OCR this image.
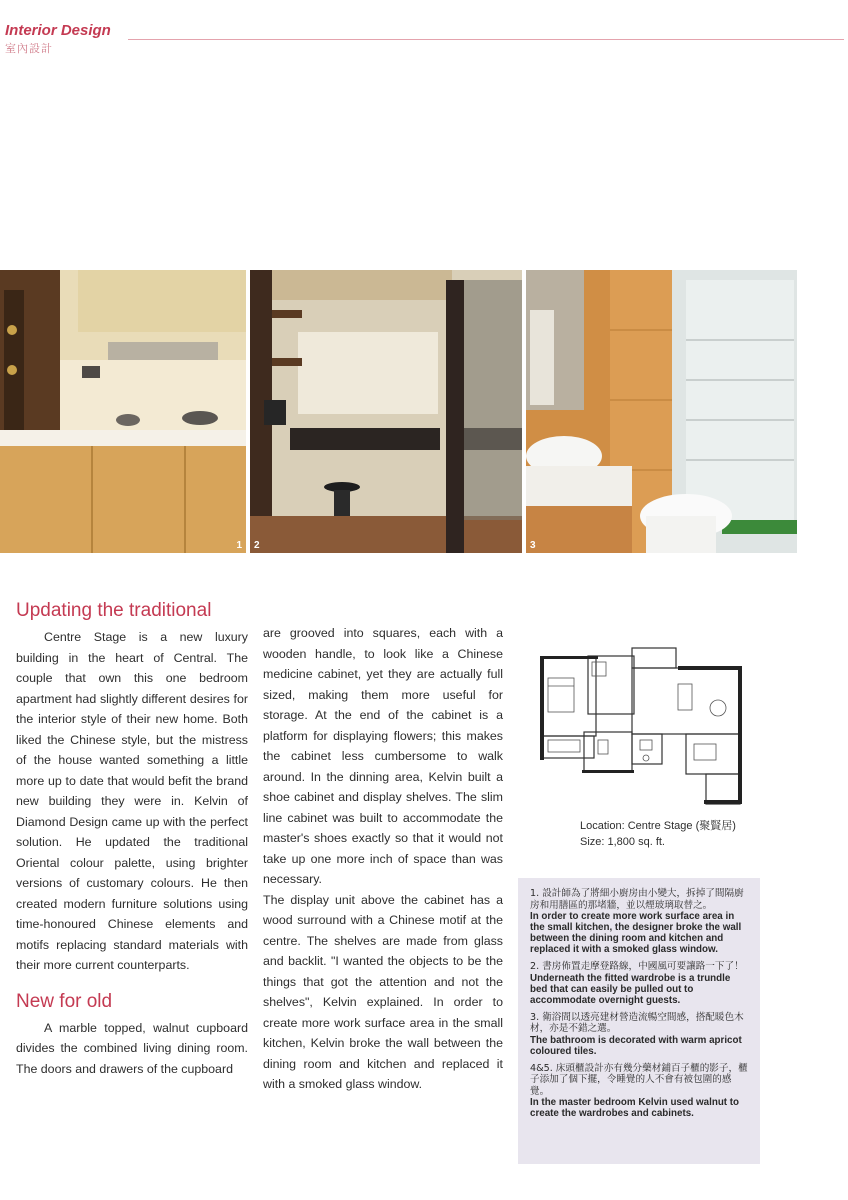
Interior Design
室內設計
1 2	3
Updating the traditional

Centre Stage is a new luxury building in the heart of Central. The couple that own this one bedroom apartment had slightly different desires for the interior style of their new home. Both liked the Chinese style, but the mistress of the house wanted something a little more up to date that would befit the brand new building they were in. Kelvin of Diamond Design came up with the perfect solution. He updated the traditional Oriental colour palette, using brighter versions of customary colours. He then created modern furniture solutions using time-honoured Chinese elements and motifs replacing standard materials with their more current counterparts.

New for old

A marble topped, walnut cupboard divides the combined living dining room. The doors and drawers of the cupboard

are grooved into squares, each with a wooden handle, to look like a Chinese medicine cabinet, yet they are actually full sized, making them more useful for storage. At the end of the cabinet is a platform for displaying flowers; this makes the cabinet less cumbersome to walk around. In the dinning area, Kelvin built a shoe cabinet and display shelves. The slim line cabinet was built to accommodate the master's shoes exactly so that it would not take up one more inch of space than was necessary.

The display unit above the cabinet has a wood surround with a Chinese motif at the centre. The shelves are made from glass and backlit. "I wanted the objects to be the things that got the attention and not the shelves", Kelvin explained. In order to create more work surface area in the small kitchen, Kelvin broke the wall between the dining room and kitchen and replaced it with a smoked glass window.

Location: Centre Stage (聚賢居)
Size: 1,800 sq. ft.
1. 設計師為了將細小廚房由小變大，拆掉了間隔廚房和用膳區的那堵牆，並以煙玻璃取替之。
In order to create more work surface area in the small kitchen, the designer broke the wall between the dining room and kitchen and replaced it with a smoked glass window.
2. 書房佈置走摩登路線，中國風可要讓路一下了！
Underneath the fitted wardrobe is a trundle bed that can easily be pulled out to accommodate overnight guests.
3. 衛浴間以透亮建材營造流暢空間感，搭配暖色木材，亦是不錯之選。
The bathroom is decorated with warm apricot coloured tiles.
4&5. 床頭櫃設計亦有幾分藥材鋪百子櫃的影子，櫃子添加了個下擺，令睡覺的人不會有被包圍的感覺。
In the master bedroom Kelvin used walnut to create the wardrobes and cabinets.
